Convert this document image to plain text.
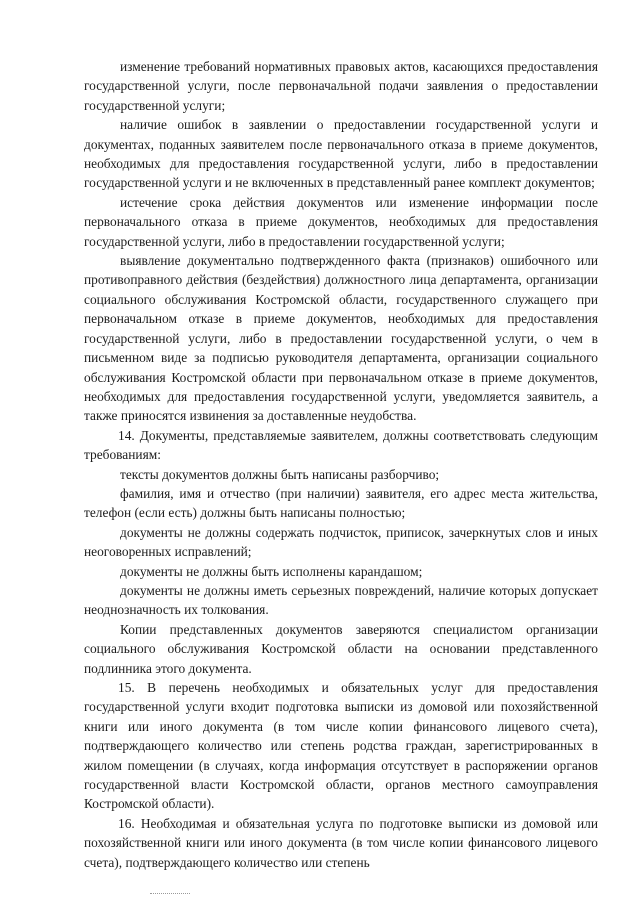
изменение требований нормативных правовых актов, касающихся предоставления государственной услуги, после первоначальной подачи заявления о предоставлении государственной услуги;

наличие ошибок в заявлении о предоставлении государственной услуги и документах, поданных заявителем после первоначального отказа в приеме документов, необходимых для предоставления государственной услуги, либо в предоставлении государственной услуги и не включенных в представленный ранее комплект документов;

истечение срока действия документов или изменение информации после первоначального отказа в приеме документов, необходимых для предоставления государственной услуги, либо в предоставлении государственной услуги;

выявление документально подтвержденного факта (признаков) ошибочного или противоправного действия (бездействия) должностного лица департамента, организации социального обслуживания Костромской области, государственного служащего при первоначальном отказе в приеме документов, необходимых для предоставления государственной услуги, либо в предоставлении государственной услуги, о чем в письменном виде за подписью руководителя департамента, организации социального обслуживания Костромской области при первоначальном отказе в приеме документов, необходимых для предоставления государственной услуги, уведомляется заявитель, а также приносятся извинения за доставленные неудобства.

14. Документы, представляемые заявителем, должны соответствовать следующим требованиям:

тексты документов должны быть написаны разборчиво;

фамилия, имя и отчество (при наличии) заявителя, его адрес места жительства, телефон (если есть) должны быть написаны полностью;

документы не должны содержать подчисток, приписок, зачеркнутых слов и иных неоговоренных исправлений;

документы не должны быть исполнены карандашом;

документы не должны иметь серьезных повреждений, наличие которых допускает неоднозначность их толкования.

Копии представленных документов заверяются специалистом организации социального обслуживания Костромской области на основании представленного подлинника этого документа.

15. В перечень необходимых и обязательных услуг для предоставления государственной услуги входит подготовка выписки из домовой или похозяйственной книги или иного документа (в том числе копии финансового лицевого счета), подтверждающего количество или степень родства граждан, зарегистрированных в жилом помещении (в случаях, когда информация отсутствует в распоряжении органов государственной власти Костромской области, органов местного самоуправления Костромской области).

16. Необходимая и обязательная услуга по подготовке выписки из домовой или похозяйственной книги или иного документа (в том числе копии финансового лицевого счета), подтверждающего количество или степень
